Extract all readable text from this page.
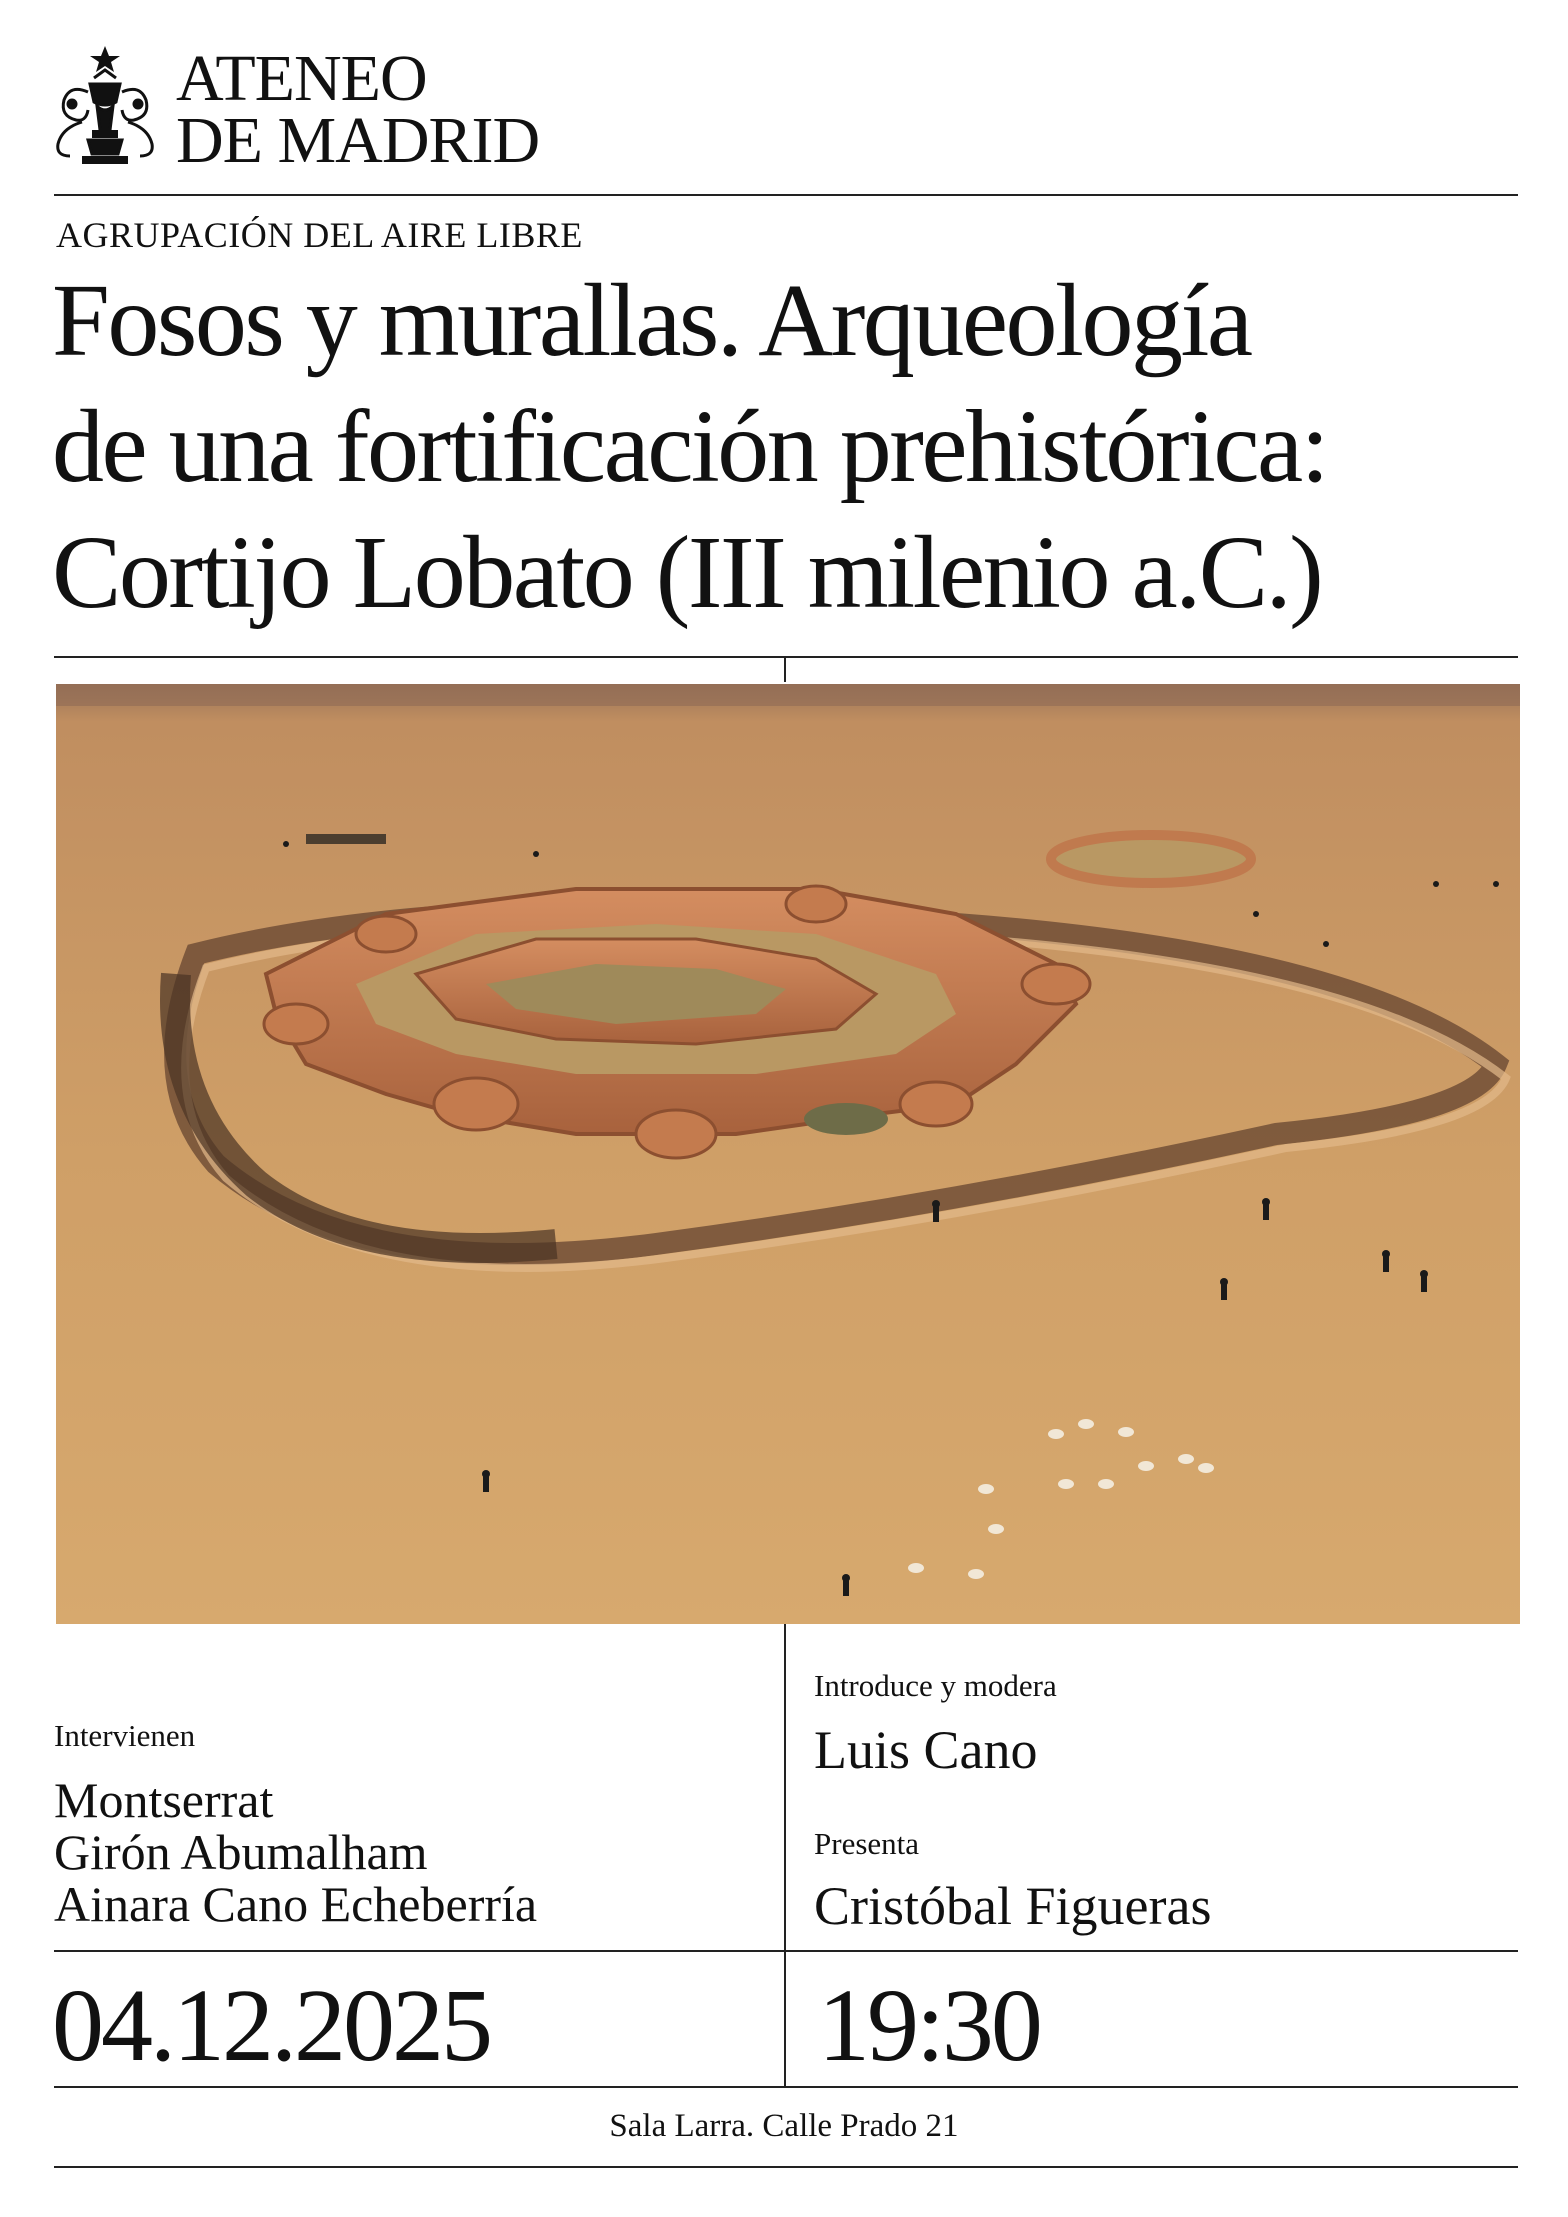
ATENEO
DE MADRID
AGRUPACIÓN DEL AIRE LIBRE
Fosos y murallas. Arqueología
de una fortificación prehistórica:
Cortijo Lobato (III milenio a.C.)
Intervienen
Montserrat
Girón Abumalham
Ainara Cano Echeberría
Introduce y modera
Luis Cano
Presenta
Cristóbal Figueras
04.12.2025	19:30
Sala Larra. Calle Prado 21
